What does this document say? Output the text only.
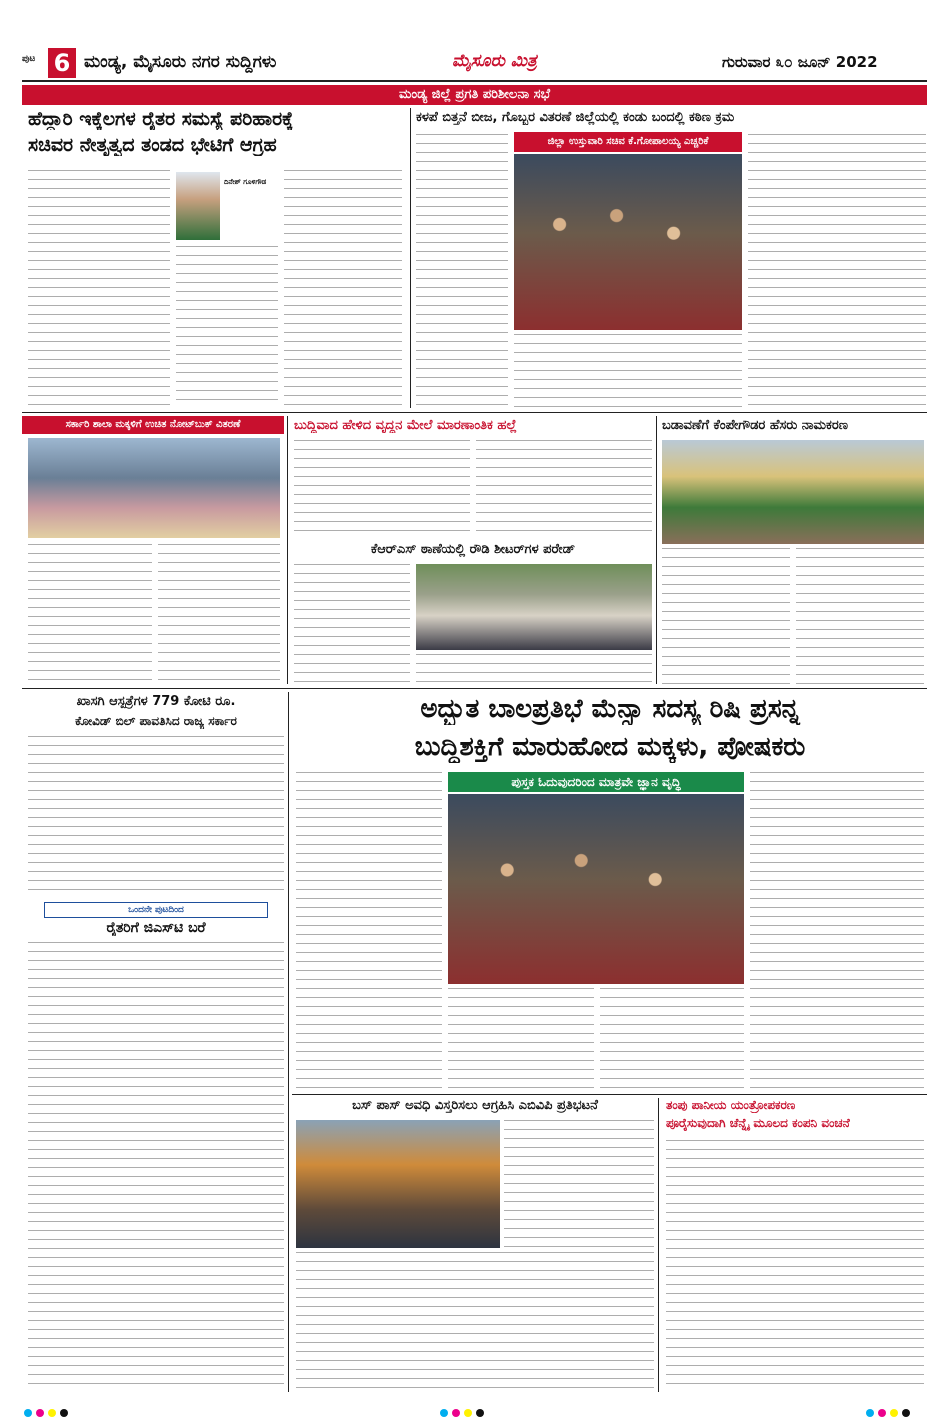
ಪುಟ 6 ಮಂಡ್ಯ, ಮೈಸೂರು ನಗರ ಸುದ್ದಿಗಳು	ಮೈಸೂರು ಮಿತ್ರ	ಗುರುವಾರ ೩೦ ಜೂನ್ 2022
ಮಂಡ್ಯ ಜಿಲ್ಲೆ ಪ್ರಗತಿ ಪರಿಶೀಲನಾ ಸಭೆ
ಹೆದ್ದಾರಿ ಇಕ್ಕೆಲಗಳ ರೈತರ ಸಮಸ್ಯೆ ಪರಿಹಾರಕ್ಕೆ
ಸಚಿವರ ನೇತೃತ್ವದ ತಂಡದ ಭೇಟಿಗೆ ಆಗ್ರಹ
ದಿನೇಶ್ ಗೂಳಿಗೌಡ
ಕಳಪೆ ಬಿತ್ತನೆ ಬೀಜ, ಗೊಬ್ಬರ ವಿತರಣೆ ಜಿಲ್ಲೆಯಲ್ಲಿ ಕಂಡು ಬಂದಲ್ಲಿ ಕಠಿಣ ಕ್ರಮ
ಜಿಲ್ಲಾ ಉಸ್ತುವಾರಿ ಸಚಿವ ಕೆ.ಗೋಪಾಲಯ್ಯ ಎಚ್ಚರಿಕೆ
ಸರ್ಕಾರಿ ಶಾಲಾ ಮಕ್ಕಳಿಗೆ ಉಚಿತ ನೋಟ್‌ಬುಕ್ ವಿತರಣೆ	ಬುದ್ದಿವಾದ ಹೇಳಿದ ವೃದ್ದನ ಮೇಲೆ ಮಾರಣಾಂತಿಕ ಹಲ್ಲೆ
ಕೆಆರ್‌ಎಸ್ ಠಾಣೆಯಲ್ಲಿ ರೌಡಿ ಶೀಟರ್‌ಗಳ ಪರೇಡ್
ಬಡಾವಣೆಗೆ ಕೆಂಪೇಗೌಡರ ಹೆಸರು ನಾಮಕರಣ
ಖಾಸಗಿ ಆಸ್ಪತ್ರೆಗಳ 779 ಕೋಟಿ ರೂ.
ಕೋವಿಡ್ ಬಿಲ್ ಪಾವತಿಸಿದ ರಾಜ್ಯ ಸರ್ಕಾರ
ಒಂದನೇ ಪುಟದಿಂದ
ರೈತರಿಗೆ ಜಿಎಸ್‌ಟಿ ಬರೆ
ಅದ್ಭುತ ಬಾಲಪ್ರತಿಭೆ ಮೆನ್ಸಾ ಸದಸ್ಯ ರಿಷಿ ಪ್ರಸನ್ನ
ಬುದ್ಧಿಶಕ್ತಿಗೆ ಮಾರುಹೋದ ಮಕ್ಕಳು, ಪೋಷಕರು
ಪುಸ್ತಕ ಓದುವುದರಿಂದ ಮಾತ್ರವೇ ಜ್ಞಾನ ವೃದ್ಧಿ
ಬಸ್ ಪಾಸ್ ಅವಧಿ ವಿಸ್ತರಿಸಲು ಆಗ್ರಹಿಸಿ ಎಬಿವಿಪಿ ಪ್ರತಿಭಟನೆ	ತಂಪು ಪಾನೀಯ ಯಂತ್ರೋಪಕರಣ
ಪೂರೈಸುವುದಾಗಿ ಚೆನ್ನೈ ಮೂಲದ ಕಂಪನಿ ವಂಚನೆ
